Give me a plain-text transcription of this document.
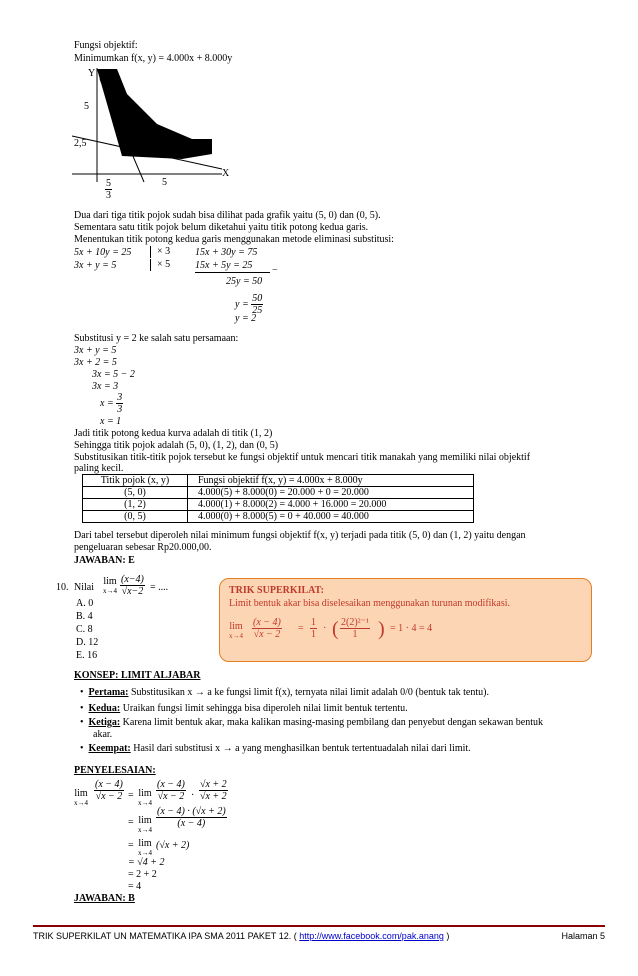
Fungsi objektif:
Minimumkan f(x, y) = 4.000x + 8.000y
Y
5
2,5
X
$\frac{5}{3}$	5
Dua dari tiga titik pojok sudah bisa dilihat pada grafik yaitu (5, 0) dan (0, 5).
Sementara satu titik pojok belum diketahui yaitu titik potong kedua garis.
Menentukan titik potong kedua garis menggunakan metode eliminasi substitusi:
5x + 10y = 25
3x + y = 5
× 3
× 5
15x + 30y = 75
15x + 5y = 25 −
25y = 50
$y = \frac{50}{25}$
y = 2
Substitusi y = 2 ke salah satu persamaan:
3x + y = 5
3x + 2 = 5
3x = 5 − 2
3x = 3
$x = \frac{3}{3}$
x = 1
Jadi titik potong kedua kurva adalah di titik (1, 2)
Sehingga titik pojok adalah (5, 0), (1, 2), dan (0, 5)
Substitusikan titik-titik pojok tersebut ke fungsi objektif untuk mencari titik manakah yang memiliki nilai objektif
paling kecil.
Titik pojok (x, y)	Fungsi objektif f(x, y) = 4.000x + 8.000y
(5, 0)	4.000(5) + 8.000(0) = 20.000 + 0 = 20.000
(1, 2)	4.000(1) + 8.000(2) = 4.000 + 16.000 = 20.000
(0, 5)	4.000(0) + 8.000(5) = 0 + 40.000 = 40.000
Dari tabel tersebut diperoleh nilai minimum fungsi objektif f(x, y) terjadi pada titik (5, 0) dan (1, 2) yaitu dengan
pengeluaran sebesar Rp20.000,00.
JAWABAN: E
10. Nilai
lim
$x\to 4 \frac{(x-4)}{√x-2}$ = ....
A. 0
B. 4
C. 8
D. 12
E. 16
TRIK SUPERKILAT:
Limit bentuk akar bisa diselesaikan menggunakan turunan modifikasi.
lim
$x\to 4 \frac{(x - 4)}{√x - 2} = \frac{1}{1}$ · ( $\frac{\text{2(2)²⁻¹}}{1}$ ) = 1 · 4 = 4
KONSEP: LIMIT ALJABAR
•  Pertama: Substitusikan x → a ke fungsi limit f(x), ternyata nilai limit adalah 0/0 (bentuk tak tentu).
•  Kedua: Uraikan fungsi limit sehingga bisa diperoleh nilai limit bentuk tertentu.
•  Ketiga: Karena limit bentuk akar, maka kalikan masing-masing pembilang dan penyebut dengan sekawan bentuk
akar.
•  Keempat: Hasil dari substitusi x → a yang menghasilkan bentuk tertentuadalah nilai dari limit.
PENYELESAIAN:
lim
x→4
$\frac{(x - 4)}{√x - 2} = \lim$
x→4
$\frac{(x - 4)}{√x - 2} \cdot \frac{√x + 2}{√x + 2}$
= lim
x→4
$\frac{(x - 4) \cdot (√x + 2)}{(x - 4)}$
= lim
x→4
(√x + 2)
= √4 + 2
= 2 + 2
= 4
JAWABAN: B
TRIK SUPERKILAT UN MATEMATIKA IPA SMA 2011 PAKET 12. ( http://www.facebook.com/pak.anang )	Halaman 5
